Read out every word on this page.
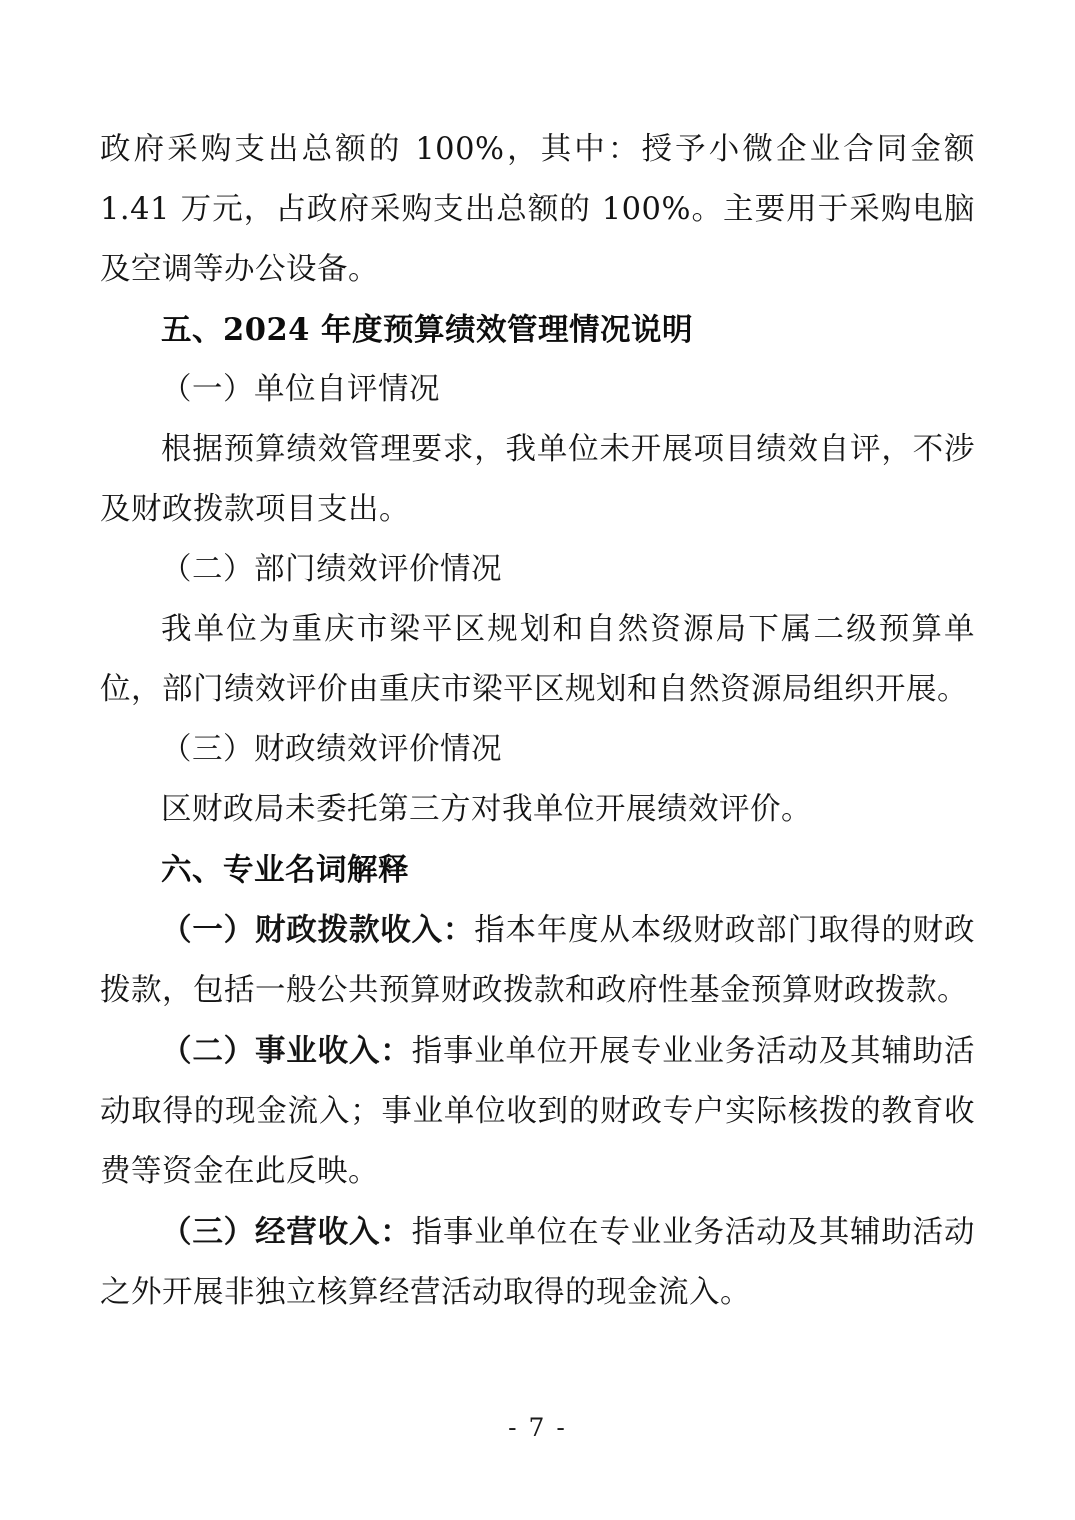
政府采购支出总额的 100%，其中：授予小微企业合同金额 1.41 万元，占政府采购支出总额的 100%。主要用于采购电脑及空调等办公设备。

五、2024 年度预算绩效管理情况说明

（一）单位自评情况

根据预算绩效管理要求，我单位未开展项目绩效自评，不涉及财政拨款项目支出。

（二）部门绩效评价情况

我单位为重庆市梁平区规划和自然资源局下属二级预算单位，部门绩效评价由重庆市梁平区规划和自然资源局组织开展。

（三）财政绩效评价情况

区财政局未委托第三方对我单位开展绩效评价。

六、专业名词解释

（一）财政拨款收入：指本年度从本级财政部门取得的财政拨款，包括一般公共预算财政拨款和政府性基金预算财政拨款。

（二）事业收入：指事业单位开展专业业务活动及其辅助活动取得的现金流入；事业单位收到的财政专户实际核拨的教育收费等资金在此反映。

（三）经营收入：指事业单位在专业业务活动及其辅助活动之外开展非独立核算经营活动取得的现金流入。

- 7 -
